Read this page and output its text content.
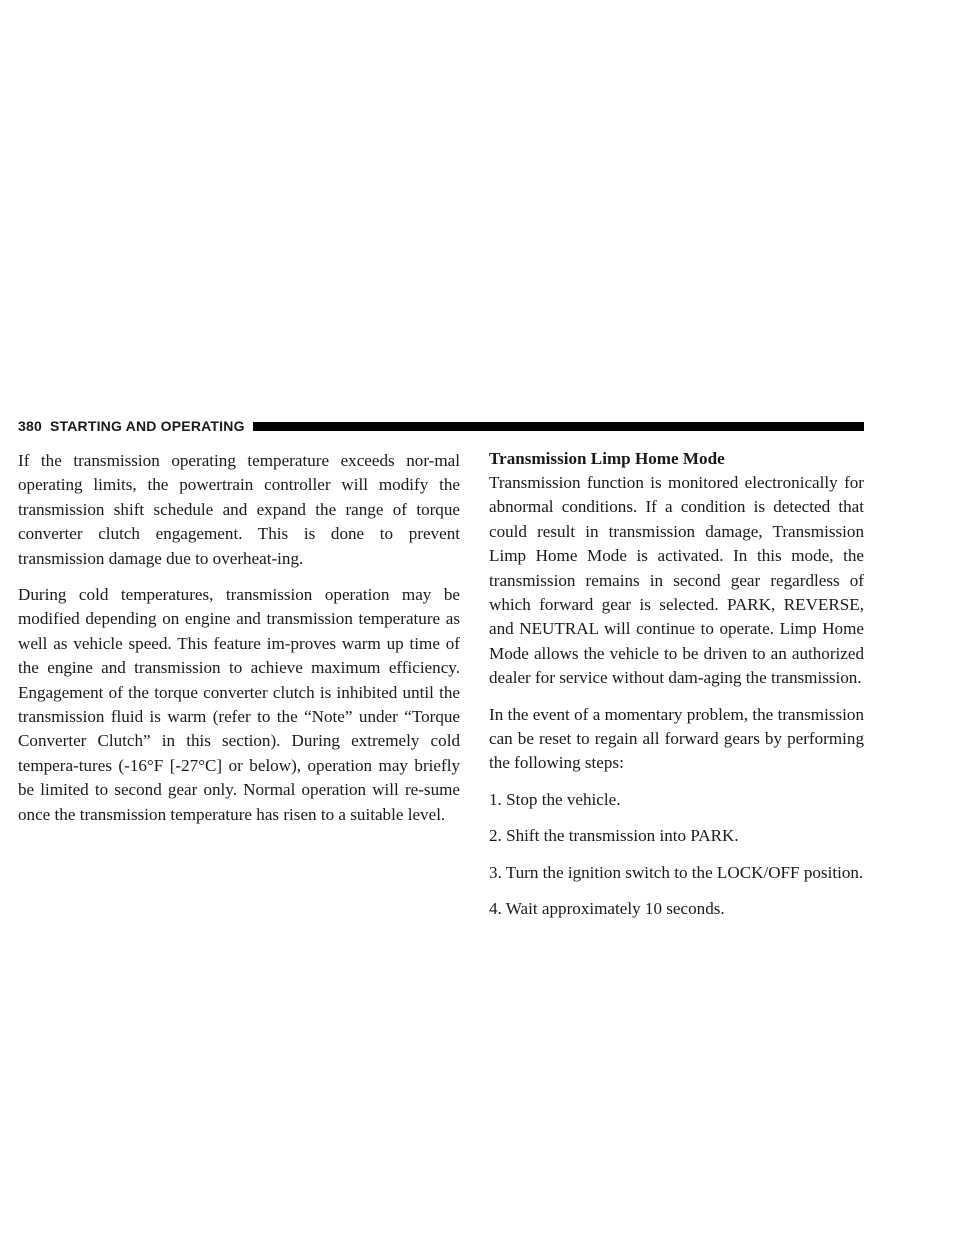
380 STARTING AND OPERATING

If the transmission operating temperature exceeds nor-mal operating limits, the powertrain controller will modify the transmission shift schedule and expand the range of torque converter clutch engagement. This is done to prevent transmission damage due to overheat-ing.

During cold temperatures, transmission operation may be modified depending on engine and transmission temperature as well as vehicle speed. This feature im-proves warm up time of the engine and transmission to achieve maximum efficiency. Engagement of the torque converter clutch is inhibited until the transmission fluid is warm (refer to the “Note” under “Torque Converter Clutch” in this section). During extremely cold tempera-tures (-16°F [-27°C] or below), operation may briefly be limited to second gear only. Normal operation will re-sume once the transmission temperature has risen to a suitable level.

Transmission Limp Home Mode

Transmission function is monitored electronically for abnormal conditions. If a condition is detected that could result in transmission damage, Transmission Limp Home Mode is activated. In this mode, the transmission remains in second gear regardless of which forward gear is selected. PARK, REVERSE, and NEUTRAL will continue to operate. Limp Home Mode allows the vehicle to be driven to an authorized dealer for service without dam-aging the transmission.

In the event of a momentary problem, the transmission can be reset to regain all forward gears by performing the following steps:

1. Stop the vehicle.
2. Shift the transmission into PARK.
3. Turn the ignition switch to the LOCK/OFF position.
4. Wait approximately 10 seconds.
